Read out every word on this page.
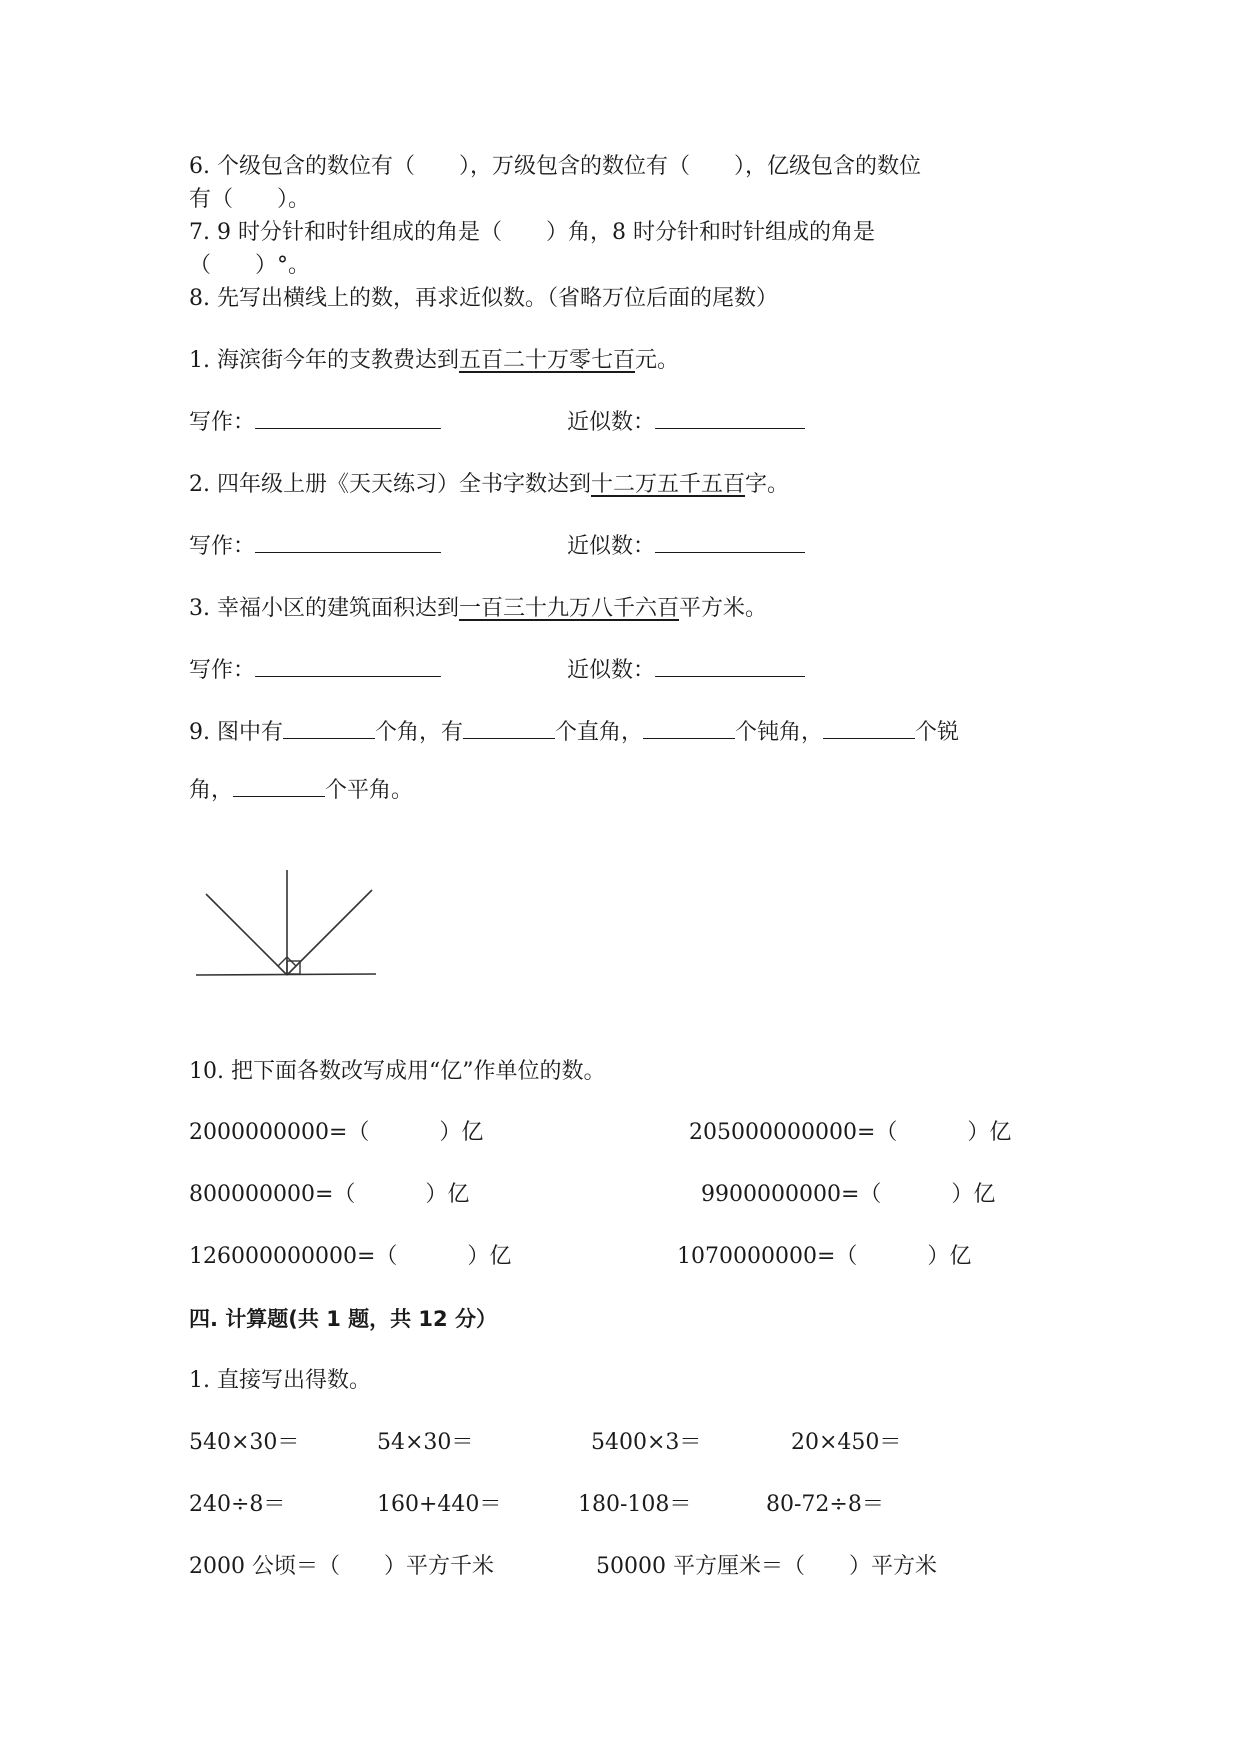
6. 个级包含的数位有（　　），万级包含的数位有（　　），亿级包含的数位
有（　　）。
7. 9 时分针和时针组成的角是（　　）角，8 时分针和时针组成的角是
（　　）°。
8. 先写出横线上的数，再求近似数。（省略万位后面的尾数）
1. 海滨街今年的支教费达到五百二十万零七百元。
写作：	近似数：
2. 四年级上册《天天练习）全书字数达到十二万五千五百字。
写作：	近似数：
3. 幸福小区的建筑面积达到一百三十九万八千六百平方米。
写作：	近似数：
9. 图中有	个角，有	个直角，	个钝角，	个锐
角，	个平角。
10. 把下面各数改写成用“亿”作单位的数。
2000000000=（	）亿	205000000000=（	）亿
800000000=（	）亿	9900000000=（	）亿
126000000000=（	）亿	1070000000=（	）亿
四. 计算题(共 1 题，共 12 分）
1. 直接写出得数。
540×30＝	54×30＝	5400×3＝	20×450＝
240÷8＝	160+440＝	180-108＝	80-72÷8＝
2000 公顷＝（　　）平方千米	50000 平方厘米＝（　　）平方米
